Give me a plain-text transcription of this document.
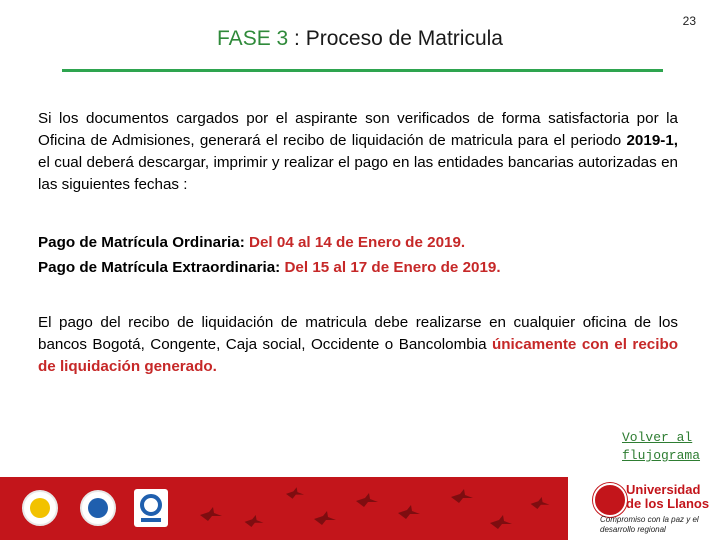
23
FASE 3 : Proceso de Matricula
Si los documentos cargados por el aspirante son verificados de forma satisfactoria por la Oficina de Admisiones, generará el recibo de liquidación de matricula para el periodo 2019-1, el cual deberá descargar, imprimir y realizar el pago en las entidades bancarias autorizadas en las siguientes fechas :
Pago de Matrícula Ordinaria: Del 04 al 14 de Enero de 2019.
Pago de Matrícula Extraordinaria: Del 15 al 17 de Enero de 2019.
El pago del recibo de liquidación de matricula debe realizarse en cualquier oficina de los bancos Bogotá, Congente, Caja social, Occidente o Bancolombia únicamente con el recibo de liquidación generado.
Volver al flujograma
Universidad
de los Llanos
Compromiso con la paz y el desarrollo regional
